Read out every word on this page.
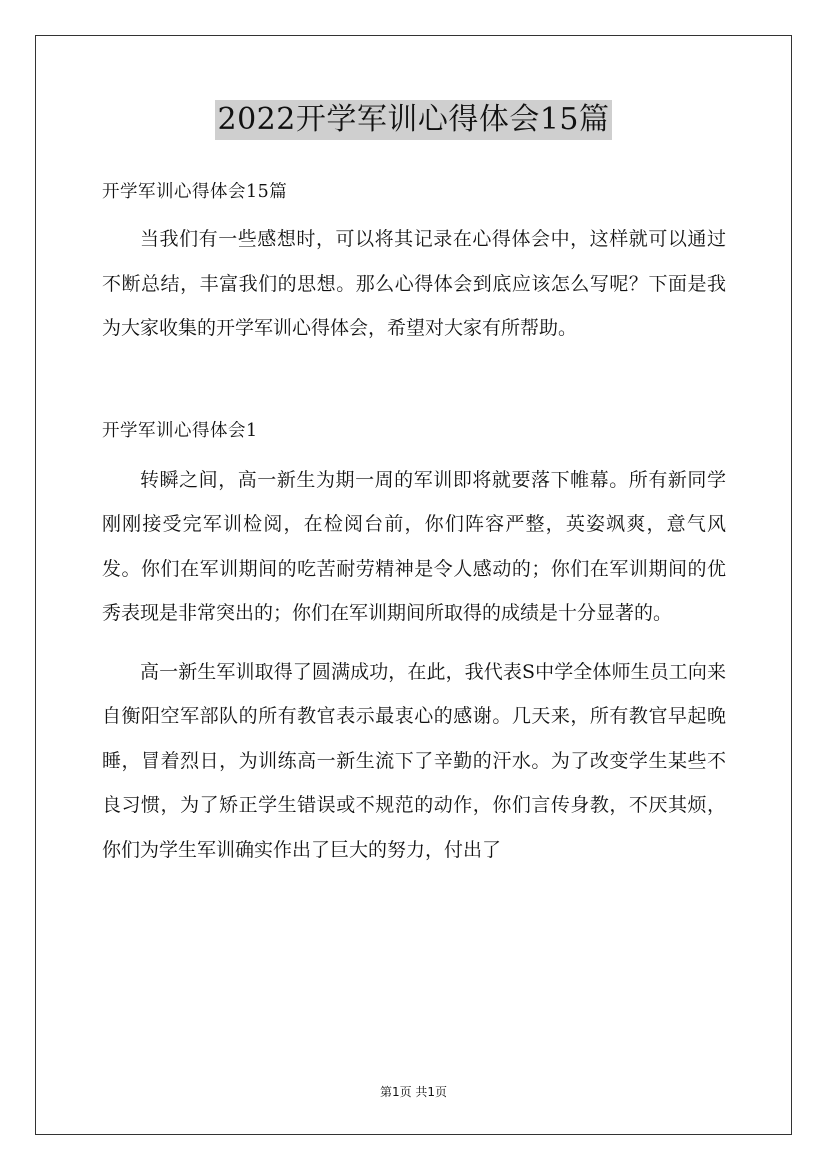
2022开学军训心得体会15篇
开学军训心得体会15篇

当我们有一些感想时，可以将其记录在心得体会中，这样就可以通过不断总结，丰富我们的思想。那么心得体会到底应该怎么写呢？下面是我为大家收集的开学军训心得体会，希望对大家有所帮助。

开学军训心得体会1

转瞬之间，高一新生为期一周的军训即将就要落下帷幕。所有新同学刚刚接受完军训检阅，在检阅台前，你们阵容严整，英姿飒爽，意气风发。你们在军训期间的吃苦耐劳精神是令人感动的；你们在军训期间的优秀表现是非常突出的；你们在军训期间所取得的成绩是十分显著的。

高一新生军训取得了圆满成功，在此，我代表S中学全体师生员工向来自衡阳空军部队的所有教官表示最衷心的感谢。几天来，所有教官早起晚睡，冒着烈日，为训练高一新生流下了辛勤的汗水。为了改变学生某些不良习惯，为了矫正学生错误或不规范的动作，你们言传身教，不厌其烦，你们为学生军训确实作出了巨大的努力，付出了

第1页 共1页
